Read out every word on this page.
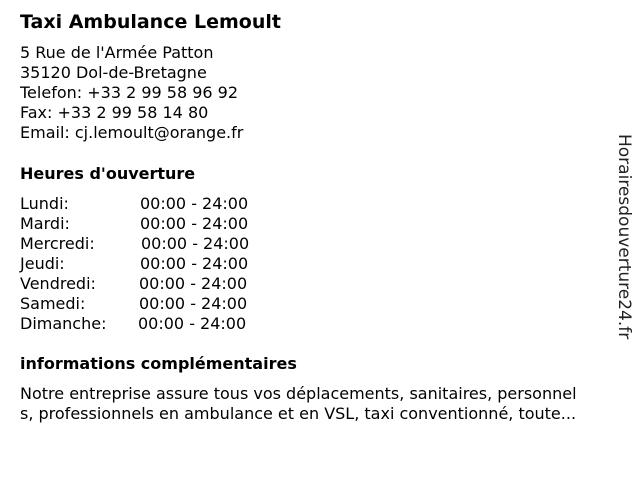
Taxi Ambulance Lemoult
5 Rue de l'Armée Patton
35120 Dol-de-Bretagne
Telefon: +33 2 99 58 96 92
Fax: +33 2 99 58 14 80
Email: cj.lemoult@orange.fr
Heures d'ouverture
Lundi:	00:00 - 24:00
Mardi:	00:00 - 24:00
Mercredi:	00:00 - 24:00
Jeudi:	00:00 - 24:00
Vendredi:	00:00 - 24:00
Samedi:	00:00 - 24:00
Dimanche:	00:00 - 24:00
informations complémentaires
Notre entreprise assure tous vos déplacements, sanitaires, personnel
s, professionnels en ambulance et en VSL, taxi conventionné, toute...
Horairesdouverture24.fr
